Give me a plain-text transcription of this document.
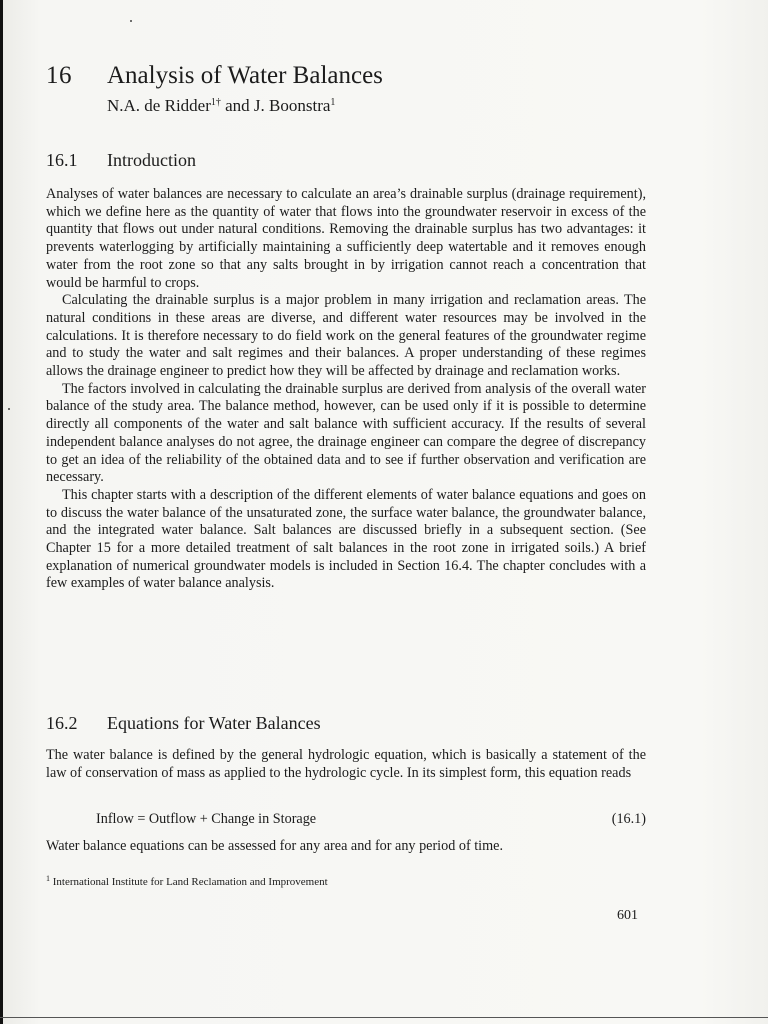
16 Analysis of Water Balances
N.A. de Ridder$^{1\dagger}$ and J. Boonstra$^1$
16.1 Introduction

Analyses of water balances are necessary to calculate an area’s drainable surplus (drainage requirement), which we define here as the quantity of water that flows into the groundwater reservoir in excess of the quantity that flows out under natural conditions. Removing the drainable surplus has two advantages: it prevents waterlogging by artificially maintaining a sufficiently deep watertable and it removes enough water from the root zone so that any salts brought in by irrigation cannot reach a concentration that would be harmful to crops.

Calculating the drainable surplus is a major problem in many irrigation and reclamation areas. The natural conditions in these areas are diverse, and different water resources may be involved in the calculations. It is therefore necessary to do field work on the general features of the groundwater regime and to study the water and salt regimes and their balances. A proper understanding of these regimes allows the drainage engineer to predict how they will be affected by drainage and reclamation works.

The factors involved in calculating the drainable surplus are derived from analysis of the overall water balance of the study area. The balance method, however, can be used only if it is possible to determine directly all components of the water and salt balance with sufficient accuracy. If the results of several independent balance analyses do not agree, the drainage engineer can compare the degree of discrepancy to get an idea of the reliability of the obtained data and to see if further observation and verification are necessary.

This chapter starts with a description of the different elements of water balance equations and goes on to discuss the water balance of the unsaturated zone, the surface water balance, the groundwater balance, and the integrated water balance. Salt balances are discussed briefly in a subsequent section. (See Chapter 15 for a more detailed treatment of salt balances in the root zone in irrigated soils.) A brief explanation of numerical groundwater models is included in Section 16.4. The chapter concludes with a few examples of water balance analysis.

16.2 Equations for Water Balances

The water balance is defined by the general hydrologic equation, which is basically a statement of the law of conservation of mass as applied to the hydrologic cycle. In its simplest form, this equation reads

Inflow = Outflow + Change in Storage	(16.1)
Water balance equations can be assessed for any area and for any period of time.
$^1$ International Institute for Land Reclamation and Improvement
601
